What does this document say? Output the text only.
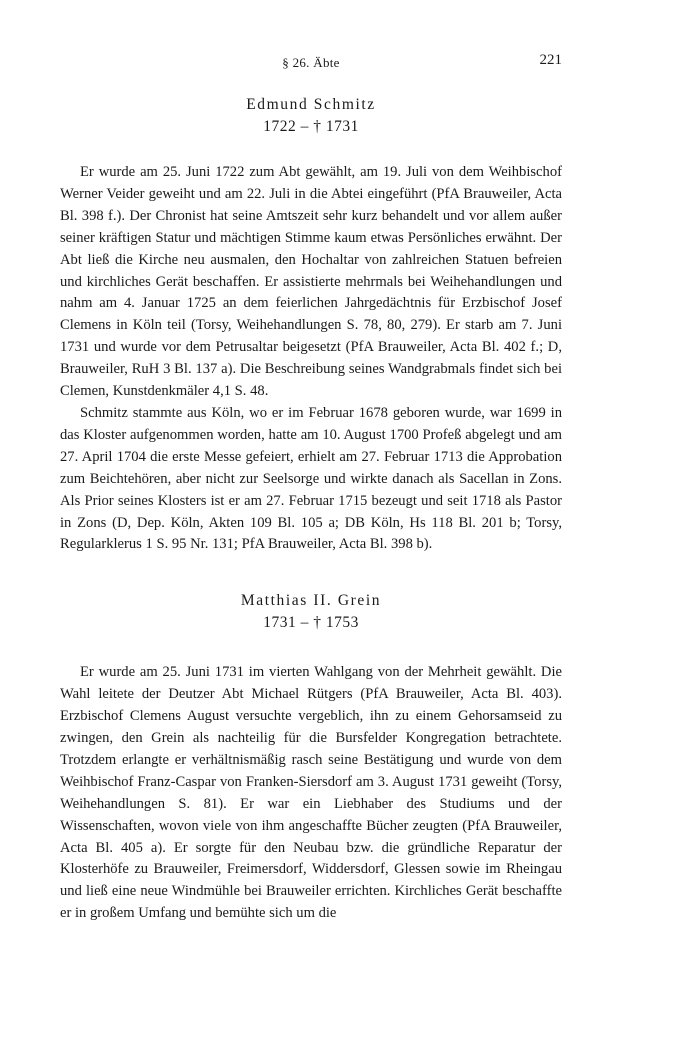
§ 26. Äbte	221
Edmund Schmitz
1722 – † 1731

Er wurde am 25. Juni 1722 zum Abt gewählt, am 19. Juli von dem Weihbischof Werner Veider geweiht und am 22. Juli in die Abtei eingeführt (PfA Brauweiler, Acta Bl. 398 f.). Der Chronist hat seine Amtszeit sehr kurz behandelt und vor allem außer seiner kräftigen Statur und mächtigen Stimme kaum etwas Persönliches erwähnt. Der Abt ließ die Kirche neu ausmalen, den Hochaltar von zahlreichen Statuen befreien und kirchliches Gerät beschaffen. Er assistierte mehrmals bei Weihehandlungen und nahm am 4. Januar 1725 an dem feierlichen Jahrgedächtnis für Erzbischof Josef Clemens in Köln teil (Torsy, Weihehandlungen S. 78, 80, 279). Er starb am 7. Juni 1731 und wurde vor dem Petrusaltar beigesetzt (PfA Brauweiler, Acta Bl. 402 f.; D, Brauweiler, RuH 3 Bl. 137 a). Die Beschreibung seines Wandgrabmals findet sich bei Clemen, Kunstdenkmäler 4,1 S. 48.

Schmitz stammte aus Köln, wo er im Februar 1678 geboren wurde, war 1699 in das Kloster aufgenommen worden, hatte am 10. August 1700 Profeß abgelegt und am 27. April 1704 die erste Messe gefeiert, erhielt am 27. Februar 1713 die Approbation zum Beichtehören, aber nicht zur Seelsorge und wirkte danach als Sacellan in Zons. Als Prior seines Klosters ist er am 27. Februar 1715 bezeugt und seit 1718 als Pastor in Zons (D, Dep. Köln, Akten 109 Bl. 105 a; DB Köln, Hs 118 Bl. 201 b; Torsy, Regularklerus 1 S. 95 Nr. 131; PfA Brauweiler, Acta Bl. 398 b).

Matthias II. Grein
1731 – † 1753

Er wurde am 25. Juni 1731 im vierten Wahlgang von der Mehrheit gewählt. Die Wahl leitete der Deutzer Abt Michael Rütgers (PfA Brauweiler, Acta Bl. 403). Erzbischof Clemens August versuchte vergeblich, ihn zu einem Gehorsamseid zu zwingen, den Grein als nachteilig für die Bursfelder Kongregation betrachtete. Trotzdem erlangte er verhältnismäßig rasch seine Bestätigung und wurde von dem Weihbischof Franz-Caspar von Franken-Siersdorf am 3. August 1731 geweiht (Torsy, Weihehandlungen S. 81). Er war ein Liebhaber des Studiums und der Wissenschaften, wovon viele von ihm angeschaffte Bücher zeugten (PfA Brauweiler, Acta Bl. 405 a). Er sorgte für den Neubau bzw. die gründliche Reparatur der Klosterhöfe zu Brauweiler, Freimersdorf, Widdersdorf, Glessen sowie im Rheingau und ließ eine neue Windmühle bei Brauweiler errichten. Kirchliches Gerät beschaffte er in großem Umfang und bemühte sich um die
